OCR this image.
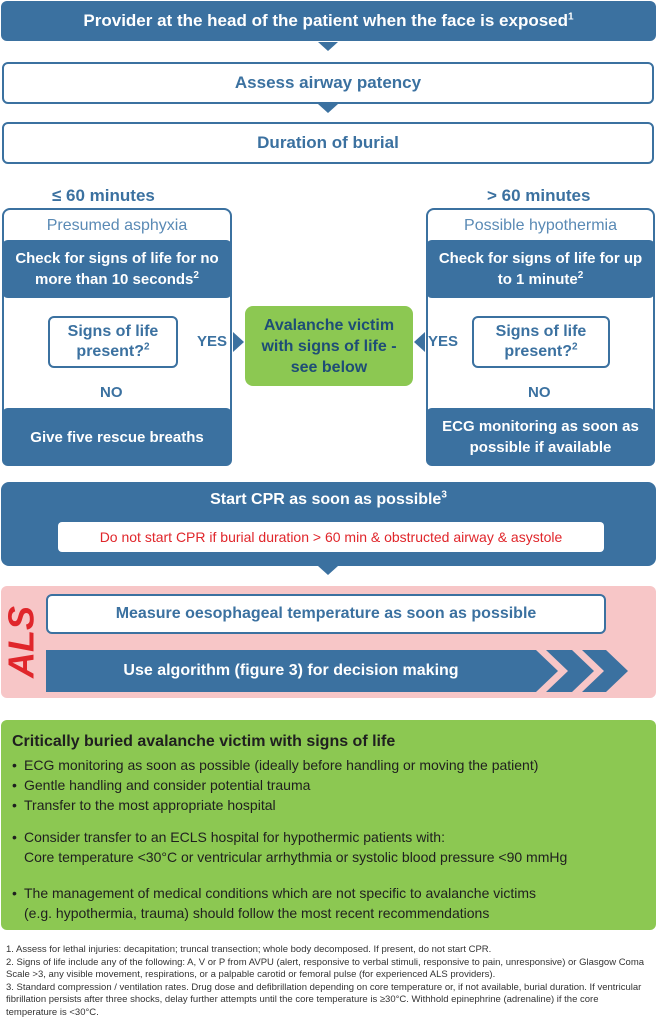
Provider at the head of the patient when the face is exposed$^1$
Assess airway patency
Duration of burial
≤ 60 minutes	> 60 minutes
Presumed asphyxia
Check for signs of life for no more than 10 seconds$^2$
Signs of life present?$^2$	YES
NO
Give five rescue breaths
Avalanche victim with signs of life - see below
Possible hypothermia
Check for signs of life for up to 1 minute$^2$
Signs of life present?$^2$
YES
NO
ECG monitoring as soon as possible if available
Start CPR as soon as possible$^3$
Do not start CPR if burial duration > 60 min & obstructed airway & asystole
ALS	Measure oesophageal temperature as soon as possible
Use algorithm (figure 3) for decision making
Critically buried avalanche victim with signs of life
• ECG monitoring as soon as possible (ideally before handling or moving the patient)
• Gentle handling and consider potential trauma
• Transfer to the most appropriate hospital
• Consider transfer to an ECLS hospital for hypothermic patients with:
Core temperature <30°C or ventricular arrhythmia or systolic blood pressure <90 mmHg
• The management of medical conditions which are not specific to avalanche victims
(e.g. hypothermia, trauma) should follow the most recent recommendations
1. Assess for lethal injuries: decapitation; truncal transection; whole body decomposed. If present, do not start CPR.
2. Signs of life include any of the following: A, V or P from AVPU (alert, responsive to verbal stimuli, responsive to pain, unresponsive) or Glasgow Coma Scale >3, any visible movement, respirations, or a palpable carotid or femoral pulse (for experienced ALS providers).
3. Standard compression / ventilation rates. Drug dose and defibrillation depending on core temperature or, if not available, burial duration. If ventricular fibrillation persists after three shocks, delay further attempts until the core temperature is ≥30°C. Withhold epinephrine (adrenaline) if the core temperature is <30°C.
